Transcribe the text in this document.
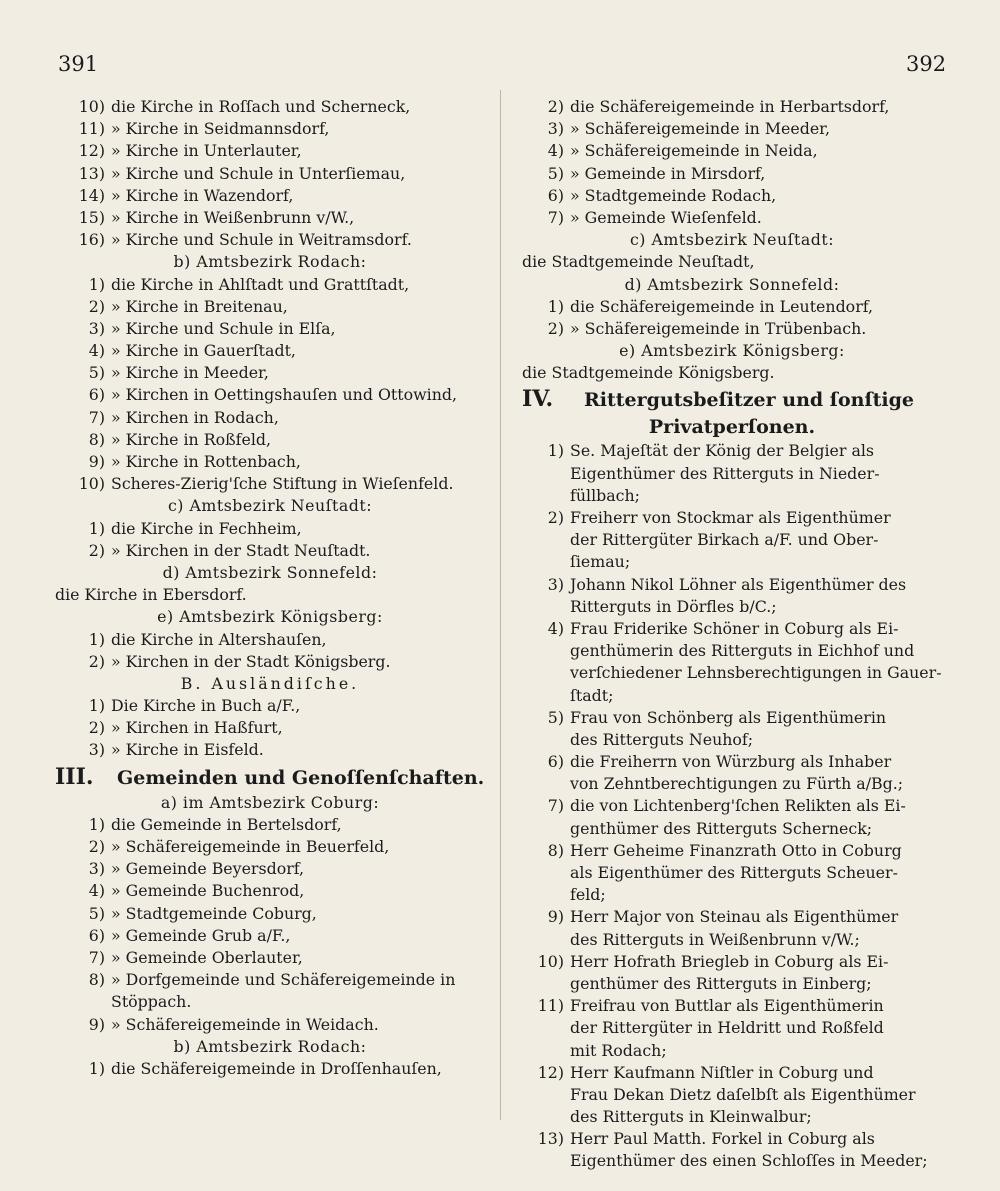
391	392
10) die Kirche in Roſſach und Scherneck,
11) » Kirche in Seidmannsdorf,
12) » Kirche in Unterlauter,
13) » Kirche und Schule in Unterſiemau,
14) » Kirche in Wazendorf,
15) » Kirche in Weißenbrunn v/W.,
16) » Kirche und Schule in Weitramsdorf.
b) Amtsbezirk Rodach:
1) die Kirche in Ahlſtadt und Grattſtadt,
2) » Kirche in Breitenau,
3) » Kirche und Schule in Elſa,
4) » Kirche in Gauerſtadt,
5) » Kirche in Meeder,
6) » Kirchen in Oettingshauſen und Ottowind,
7) » Kirchen in Rodach,
8) » Kirche in Roßfeld,
9) » Kirche in Rottenbach,
10) Scheres-Zierig'ſche Stiftung in Wieſenfeld.
c) Amtsbezirk Neuſtadt:
1) die Kirche in Fechheim,
2) » Kirchen in der Stadt Neuſtadt.
d) Amtsbezirk Sonnefeld:
die Kirche in Ebersdorf.
e) Amtsbezirk Königsberg:
1) die Kirche in Altershauſen,
2) » Kirchen in der Stadt Königsberg.
B. Ausländiſche.
1) Die Kirche in Buch a/F.,
2) » Kirchen in Haßfurt,
3) » Kirche in Eisfeld.
III. Gemeinden und Genoſſenſchaften.
a) im Amtsbezirk Coburg:
1) die Gemeinde in Bertelsdorf,
2) » Schäfereigemeinde in Beuerfeld,
3) » Gemeinde Beyersdorf,
4) » Gemeinde Buchenrod,
5) » Stadtgemeinde Coburg,
6) » Gemeinde Grub a/F.,
7) » Gemeinde Oberlauter,
8) » Dorfgemeinde und Schäfereigemeinde in
Stöppach.
9) » Schäfereigemeinde in Weidach.
b) Amtsbezirk Rodach:
1) die Schäfereigemeinde in Droſſenhauſen,
2) die Schäfereigemeinde in Herbartsdorf,
3) » Schäfereigemeinde in Meeder,
4) » Schäfereigemeinde in Neida,
5) » Gemeinde in Mirsdorf,
6) » Stadtgemeinde Rodach,
7) » Gemeinde Wieſenfeld.
c) Amtsbezirk Neuſtadt:
die Stadtgemeinde Neuſtadt,
d) Amtsbezirk Sonnefeld:
1) die Schäfereigemeinde in Leutendorf,
2) » Schäfereigemeinde in Trübenbach.
e) Amtsbezirk Königsberg:
die Stadtgemeinde Königsberg.
IV. Rittergutsbeſitzer und ſonſtige
Privatperſonen.
1) Se. Majeſtät der König der Belgier als
Eigenthümer des Ritterguts in Nieder-
füllbach;
2) Freiherr von Stockmar als Eigenthümer
der Rittergüter Birkach a/F. und Ober-
ſiemau;
3) Johann Nikol Löhner als Eigenthümer des
Ritterguts in Dörfles b/C.;
4) Frau Friderike Schöner in Coburg als Ei-
genthümerin des Ritterguts in Eichhof und
verſchiedener Lehnsberechtigungen in Gauer-
ſtadt;
5) Frau von Schönberg als Eigenthümerin
des Ritterguts Neuhof;
6) die Freiherrn von Würzburg als Inhaber
von Zehntberechtigungen zu Fürth a/Bg.;
7) die von Lichtenberg'ſchen Relikten als Ei-
genthümer des Ritterguts Scherneck;
8) Herr Geheime Finanzrath Otto in Coburg
als Eigenthümer des Ritterguts Scheuer-
feld;
9) Herr Major von Steinau als Eigenthümer
des Ritterguts in Weißenbrunn v/W.;
10) Herr Hofrath Briegleb in Coburg als Ei-
genthümer des Ritterguts in Einberg;
11) Freifrau von Buttlar als Eigenthümerin
der Rittergüter in Heldritt und Roßfeld
mit Rodach;
12) Herr Kaufmann Niſtler in Coburg und
Frau Dekan Dietz daſelbſt als Eigenthümer
des Ritterguts in Kleinwalbur;
13) Herr Paul Matth. Forkel in Coburg als
Eigenthümer des einen Schloſſes in Meeder;
